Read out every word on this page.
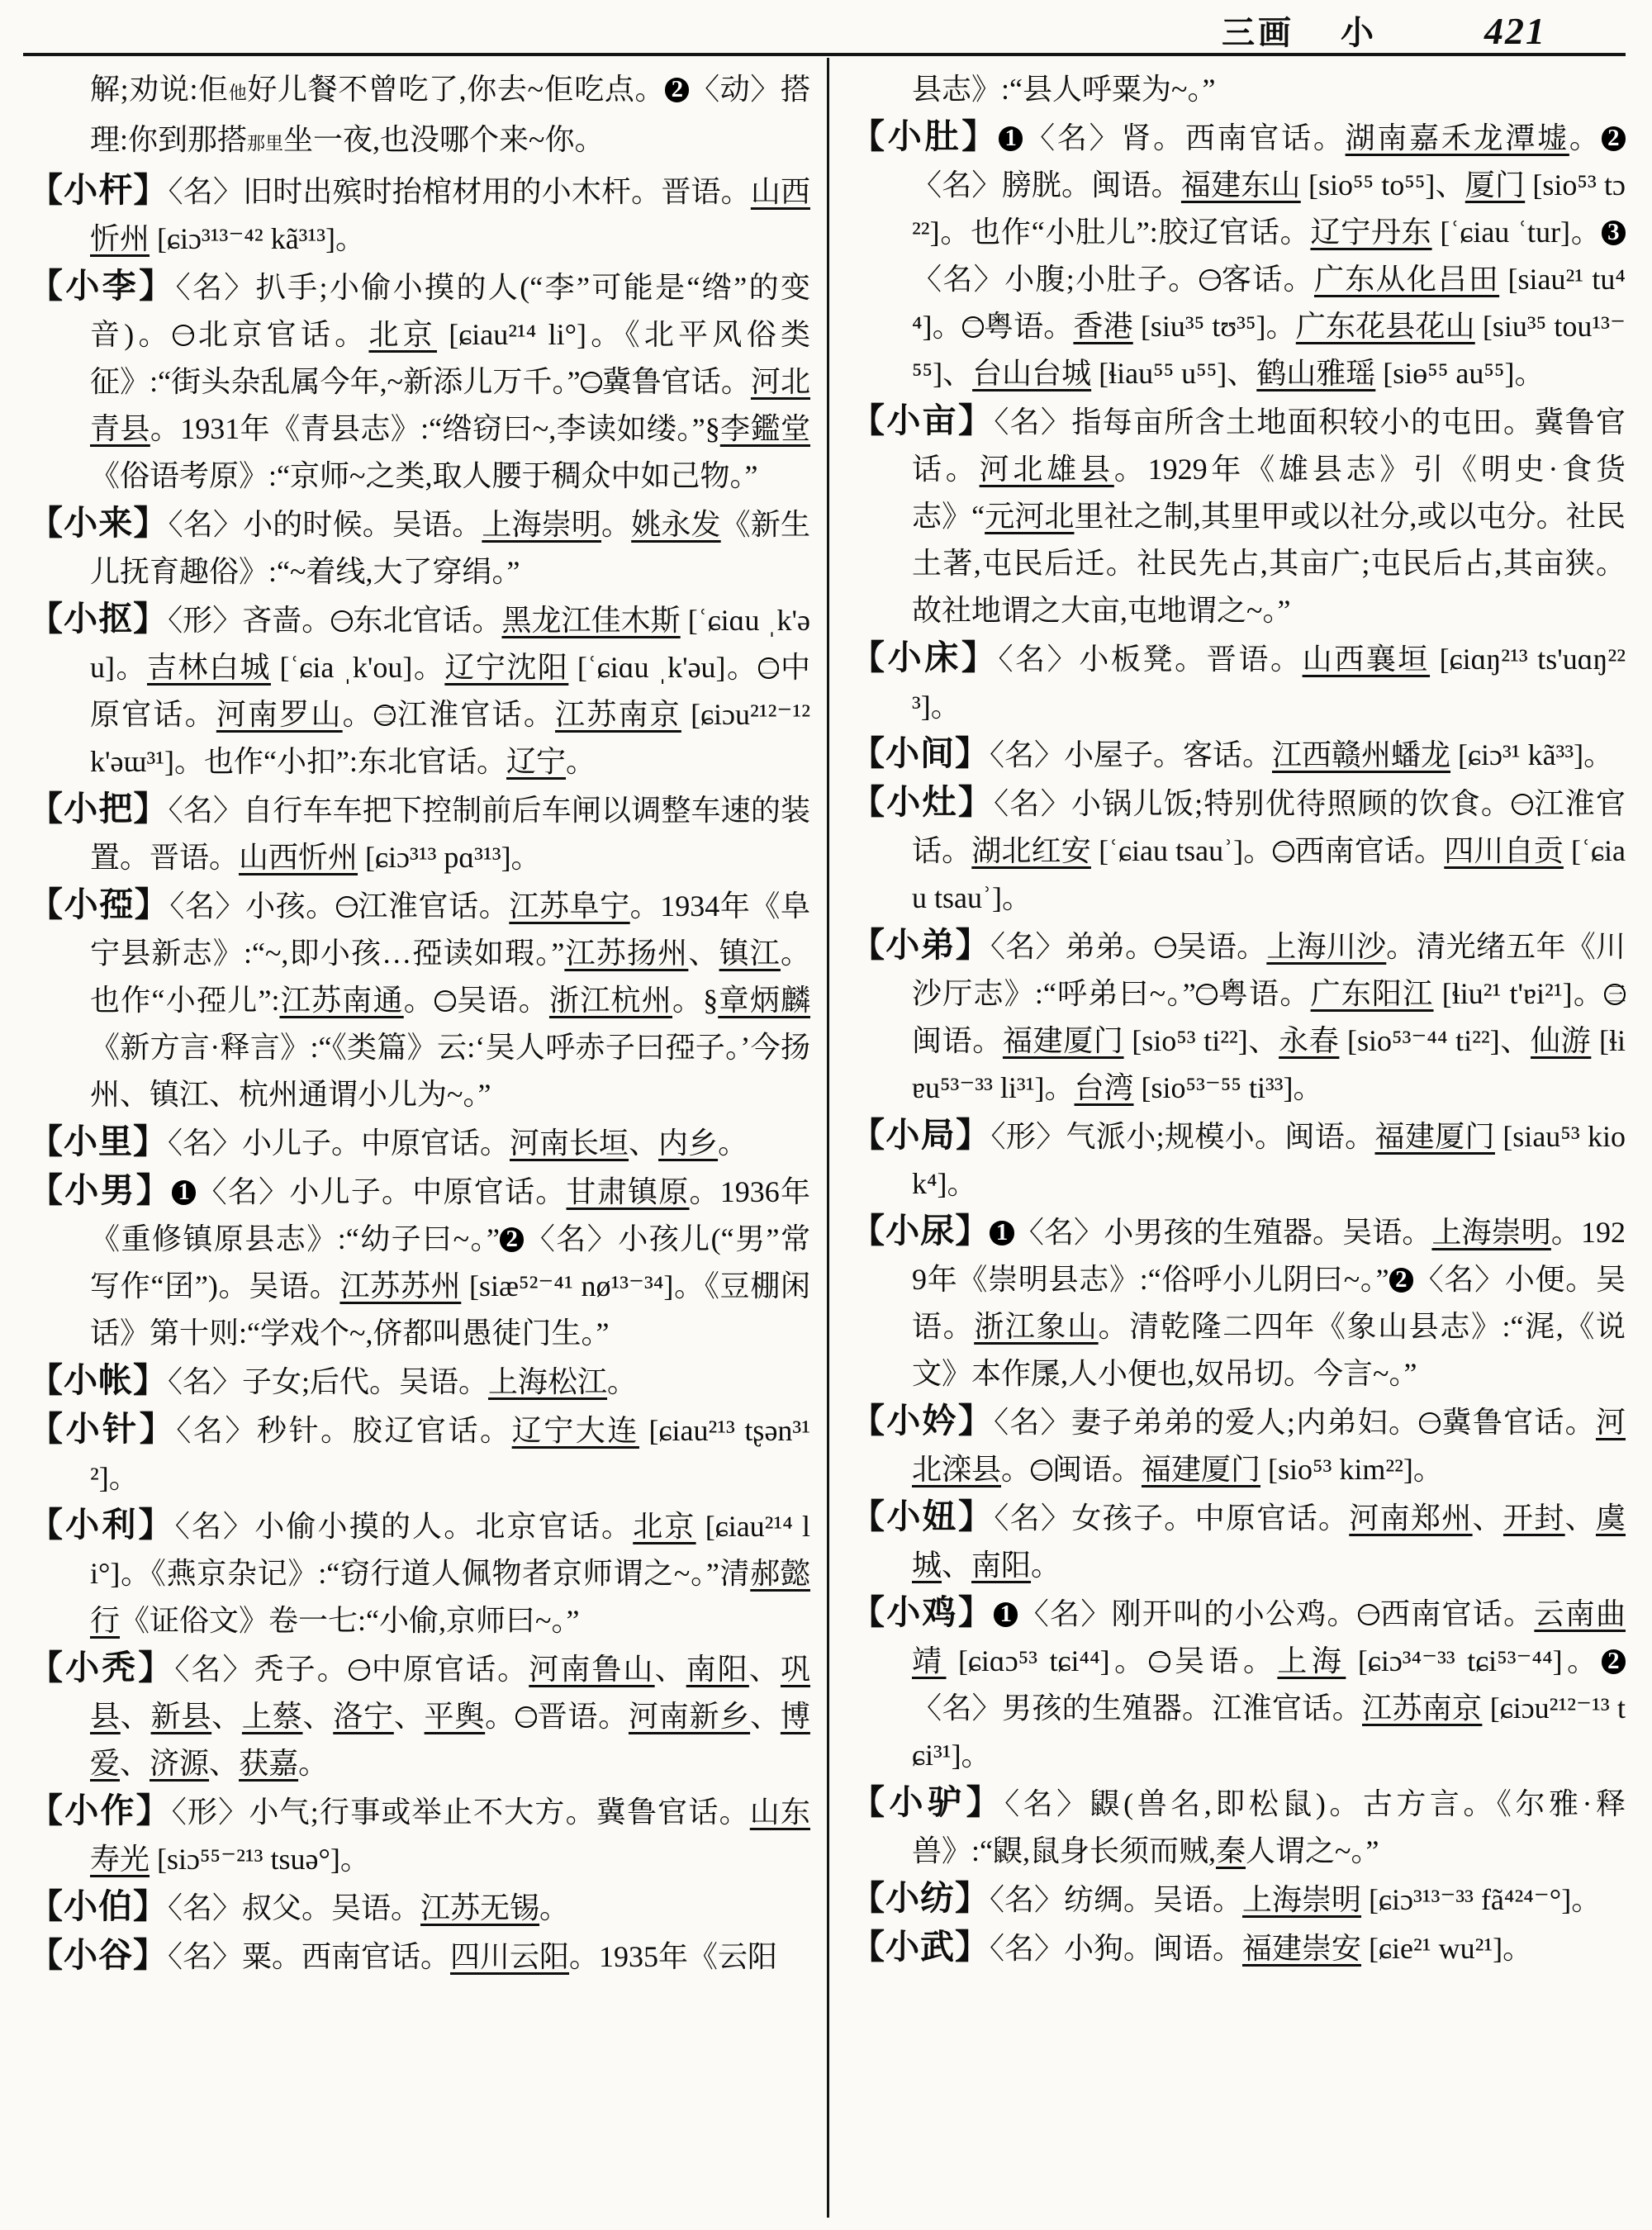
三画 小	421

解;劝说:佢他好儿餐不曾吃了,你去~佢吃点。 2 〈动〉搭理:你到那搭那里坐一夜,也没哪个来~你。

【小杆】〈名〉旧时出殡时抬棺材用的小木杆。晋语。山西忻州 [ɕiɔ³¹³⁻⁴² kã³¹³]。

【小李】〈名〉扒手;小偷小摸的人(“李”可能是“绺”的变音)。一北京官话。北京 [ɕiau²¹⁴ li°]。《北平风俗类征》:“街头杂乱属今年,~新添儿万千。”二冀鲁官话。河北青县。1931年《青县志》:“绺窃曰~,李读如缕。”§李鑑堂《俗语考原》:“京师~之类,取人腰于稠众中如己物。”

【小来】〈名〉小的时候。吴语。上海崇明。姚永发《新生儿抚育趣俗》:“~着线,大了穿绢。”

【小抠】〈形〉吝啬。一东北官话。黑龙江佳木斯 [ʿɕiɑu ˌk'əu]。吉林白城 [ʿɕia ˌk'ou]。辽宁沈阳 [ʿɕiɑu ˌk'əu]。二中原官话。河南罗山。三江淮官话。江苏南京 [ɕiɔu²¹²⁻¹² k'əɯ³¹]。也作“小扣”:东北官话。辽宁。

【小把】〈名〉自行车车把下控制前后车闸以调整车速的装置。晋语。山西忻州 [ɕiɔ³¹³ pɑ³¹³]。

【小孲】〈名〉小孩。一江淮官话。江苏阜宁。1934年《阜宁县新志》:“~,即小孩…孲读如瑕。”江苏扬州、镇江。也作“小孲儿”:江苏南通。二吴语。浙江杭州。§章炳麟《新方言·释言》:“《类篇》云:‘吴人呼赤子曰孲子。’今扬州、镇江、杭州通谓小儿为~。”

【小里】〈名〉小儿子。中原官话。河南长垣、内乡。

【小男】 1 〈名〉小儿子。中原官话。甘肃镇原。1936年《重修镇原县志》:“幼子曰~。” 2 〈名〉小孩儿(“男”常写作“囝”)。吴语。江苏苏州 [siæ⁵²⁻⁴¹ nø¹³⁻³⁴]。《豆棚闲话》第十则:“学戏个~,侪都叫愚徒门生。”

【小帐】〈名〉子女;后代。吴语。上海松江。

【小针】〈名〉秒针。胶辽官话。辽宁大连 [ɕiau²¹³ tʂən³¹²]。

【小利】〈名〉小偷小摸的人。北京官话。北京 [ɕiau²¹⁴ li°]。《燕京杂记》:“窃行道人佩物者京师谓之~。”清郝懿行《证俗文》卷一七:“小偷,京师曰~。”

【小秃】〈名〉秃子。一中原官话。河南鲁山、南阳、巩县、新县、上蔡、洛宁、平舆。二晋语。河南新乡、博爱、济源、获嘉。

【小作】〈形〉小气;行事或举止不大方。冀鲁官话。山东寿光 [siɔ⁵⁵⁻²¹³ tsuə°]。

【小伯】〈名〉叔父。吴语。江苏无锡。

【小谷】〈名〉粟。西南官话。四川云阳。1935年《云阳

县志》:“县人呼粟为~。”

【小肚】 1 〈名〉肾。西南官话。湖南嘉禾龙潭墟。 2〈名〉膀胱。闽语。福建东山 [sio⁵⁵ to⁵⁵]、厦门 [sio⁵³ tɔ²²]。也作“小肚儿”:胶辽官话。辽宁丹东 [ʿɕiau ʿtur]。 3〈名〉小腹;小肚子。一客话。广东从化吕田 [siau²¹ tu⁴⁴]。二粤语。香港 [siu³⁵ tʊ³⁵]。广东花县花山 [siu³⁵ tou¹³⁻⁵⁵]、台山台城 [ɬiau⁵⁵ u⁵⁵]、鹤山雅瑶 [siɵ⁵⁵ au⁵⁵]。

【小亩】〈名〉指每亩所含土地面积较小的屯田。冀鲁官话。河北雄县。1929年《雄县志》引《明史·食货志》“元河北里社之制,其里甲或以社分,或以屯分。社民土著,屯民后迁。社民先占,其亩广;屯民后占,其亩狭。故社地谓之大亩,屯地谓之~。”

【小床】〈名〉小板凳。晋语。山西襄垣 [ɕiɑŋ²¹³ ts'uɑŋ²²³]。

【小间】〈名〉小屋子。客话。江西赣州蟠龙 [ɕiɔ³¹ kã³³]。

【小灶】〈名〉小锅儿饭;特别优待照顾的饮食。一江淮官话。湖北红安 [ʿɕiau tsauʾ]。二西南官话。四川自贡 [ʿɕiau tsauʾ]。

【小弟】〈名〉弟弟。一吴语。上海川沙。清光绪五年《川沙厅志》:“呼弟曰~。”二粤语。广东阳江 [ɬiu²¹ t'ɐi²¹]。三闽语。福建厦门 [sio⁵³ ti²²]、永春 [sio⁵³⁻⁴⁴ ti²²]、仙游 [ɬiɐu⁵³⁻³³ li³¹]。台湾 [sio⁵³⁻⁵⁵ ti³³]。

【小局】〈形〉气派小;规模小。闽语。福建厦门 [siau⁵³ kiok⁴]。

【小尿】 1 〈名〉小男孩的生殖器。吴语。上海崇明。1929年《崇明县志》:“俗呼小儿阴曰~。” 2 〈名〉小便。吴语。浙江象山。清乾隆二四年《象山县志》:“浘,《说文》本作㞙,人小便也,奴吊切。今言~。”

【小妗】〈名〉妻子弟弟的爱人;内弟妇。一冀鲁官话。河北滦县。二闽语。福建厦门 [sio⁵³ kim²²]。

【小妞】〈名〉女孩子。中原官话。河南郑州、开封、虞城、南阳。

【小鸡】 1 〈名〉刚开叫的小公鸡。一西南官话。云南曲靖 [ɕiɑɔ⁵³ tɕi⁴⁴]。二吴语。上海 [ɕiɔ³⁴⁻³³ tɕi⁵³⁻⁴⁴]。 2〈名〉男孩的生殖器。江淮官话。江苏南京 [ɕiɔu²¹²⁻¹³ tɕi³¹]。

【小驴】〈名〉鼳(兽名,即松鼠)。古方言。《尔雅·释兽》:“鼳,鼠身长须而贼,秦人谓之~。”

【小纺】〈名〉纺绸。吴语。上海崇明 [ɕiɔ³¹³⁻³³ fã⁴²⁴⁻°]。

【小武】〈名〉小狗。闽语。福建崇安 [ɕie²¹ wu²¹]。
